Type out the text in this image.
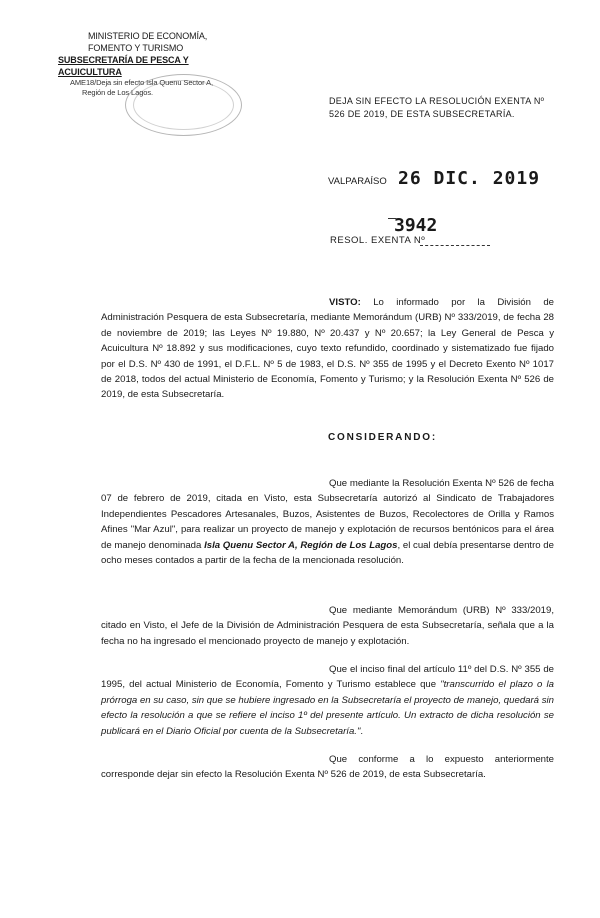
MINISTERIO DE ECONOMÍA,
FOMENTO Y TURISMO
SUBSECRETARÍA DE PESCA Y ACUICULTURA
AME18/Deja sin efecto Isla Quenu Sector A,
Región de Los Lagos.
DEJA SIN EFECTO LA RESOLUCIÓN EXENTA Nº
526 DE 2019, DE ESTA SUBSECRETARÍA.
VALPARAÍSO 26 DIC. 2019
3942
RESOL. EXENTA Nº
VISTO: Lo informado por la División de Administración Pesquera de esta Subsecretaría, mediante Memorándum (URB) Nº 333/2019, de fecha 28 de noviembre de 2019; las Leyes Nº 19.880, Nº 20.437 y Nº 20.657; la Ley General de Pesca y Acuicultura Nº 18.892 y sus modificaciones, cuyo texto refundido, coordinado y sistematizado fue fijado por el D.S. Nº 430 de 1991, el D.F.L. Nº 5 de 1983, el D.S. Nº 355 de 1995 y el Decreto Exento Nº 1017 de 2018, todos del actual Ministerio de Economía, Fomento y Turismo; y la Resolución Exenta Nº 526 de 2019, de esta Subsecretaría.
CONSIDERANDO:
Que mediante la Resolución Exenta Nº 526 de fecha 07 de febrero de 2019, citada en Visto, esta Subsecretaría autorizó al Sindicato de Trabajadores Independientes Pescadores Artesanales, Buzos, Asistentes de Buzos, Recolectores de Orilla y Ramos Afines "Mar Azul", para realizar un proyecto de manejo y explotación de recursos bentónicos para el área de manejo denominada Isla Quenu Sector A, Región de Los Lagos, el cual debía presentarse dentro de ocho meses contados a partir de la fecha de la mencionada resolución.
Que mediante Memorándum (URB) Nº 333/2019, citado en Visto, el Jefe de la División de Administración Pesquera de esta Subsecretaría, señala que a la fecha no ha ingresado el mencionado proyecto de manejo y explotación.
Que el inciso final del artículo 11º del D.S. Nº 355 de 1995, del actual Ministerio de Economía, Fomento y Turismo establece que "transcurrido el plazo o la prórroga en su caso, sin que se hubiere ingresado en la Subsecretaría el proyecto de manejo, quedará sin efecto la resolución a que se refiere el inciso 1º del presente artículo. Un extracto de dicha resolución se publicará en el Diario Oficial por cuenta de la Subsecretaría.".
Que conforme a lo expuesto anteriormente corresponde dejar sin efecto la Resolución Exenta Nº 526 de 2019, de esta Subsecretaría.
